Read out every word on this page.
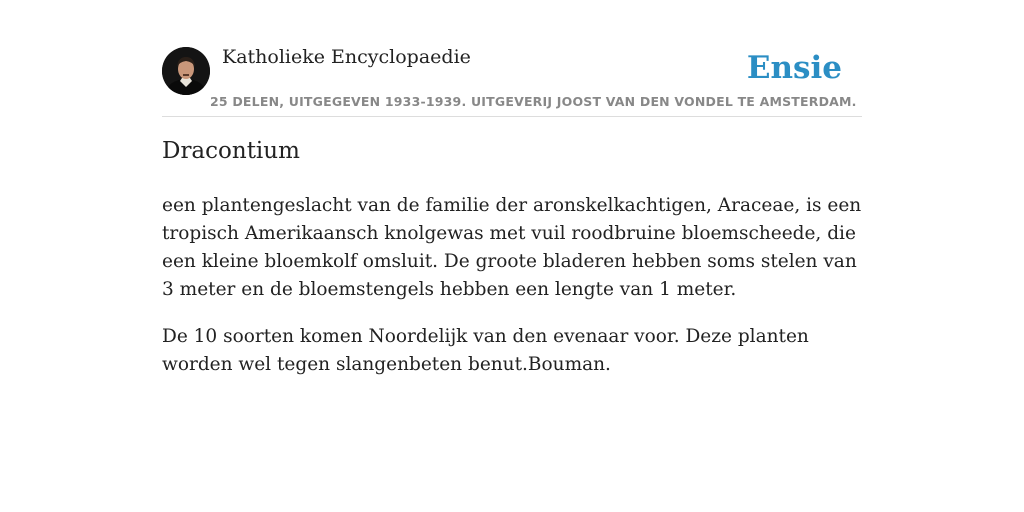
Katholieke Encyclopaedie
25 DELEN, UITGEGEVEN 1933-1939. UITGEVERIJ JOOST VAN DEN VONDEL TE AMSTERDAM.
Ensie
Dracontium

een plantengeslacht van de familie der aronskelkachtigen, Araceae, is een tropisch Amerikaansch knolgewas met vuil roodbruine bloemscheede, die een kleine bloemkolf omsluit. De groote bladeren hebben soms stelen van 3 meter en de bloemstengels hebben een lengte van 1 meter.

De 10 soorten komen Noordelijk van den evenaar voor. Deze planten worden wel tegen slangenbeten benut.Bouman.
